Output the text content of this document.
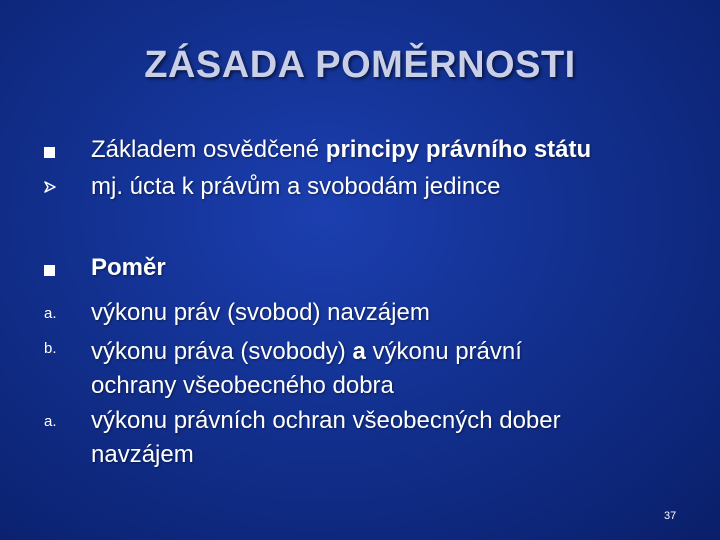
ZÁSADA POMĚRNOSTI
Základem osvědčené principy právního státu
mj. úcta k právům a svobodám jedince
Poměr
a.	výkonu práv (svobod) navzájem
b.	výkonu práva (svobody) a výkonu právní
ochrany všeobecného dobra
a.	výkonu právních ochran všeobecných dober
navzájem
37
